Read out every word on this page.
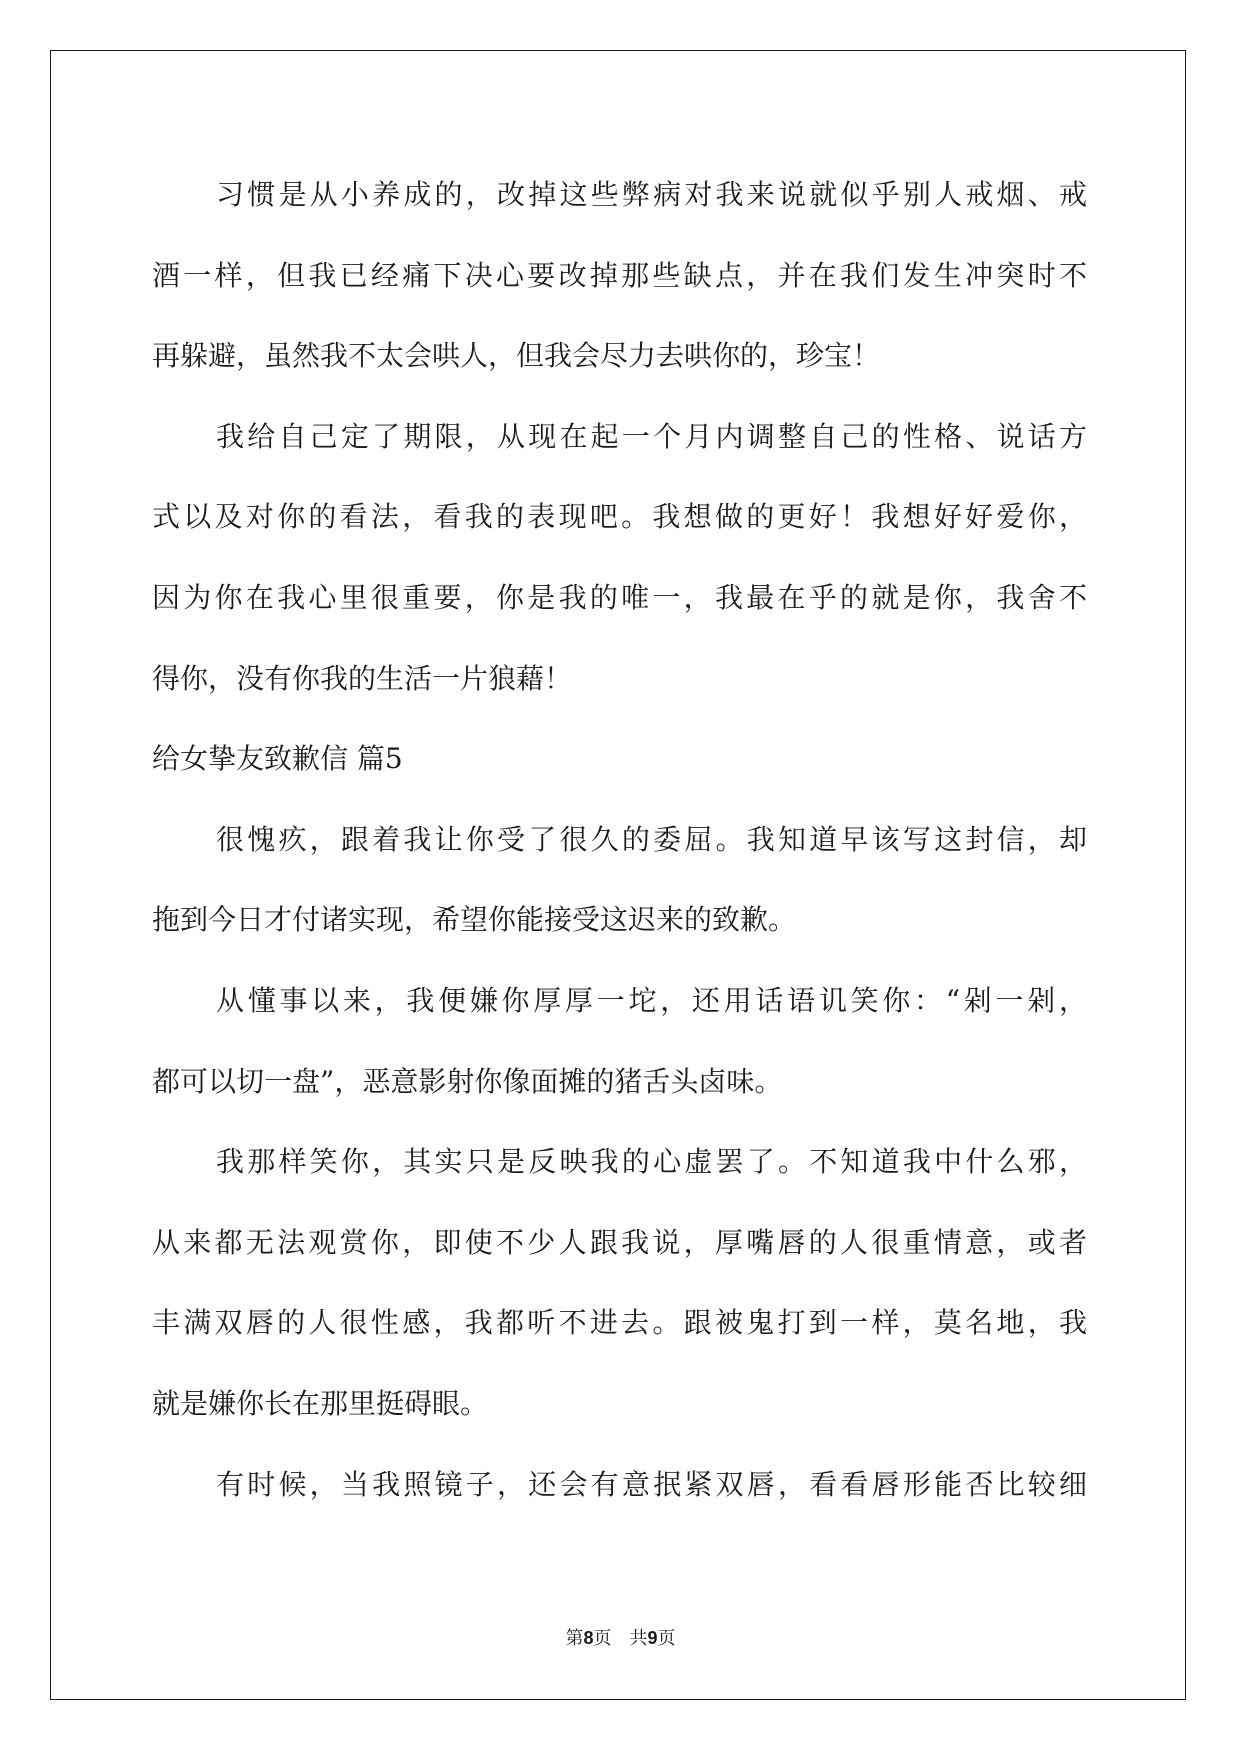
习惯是从小养成的，改掉这些弊病对我来说就似乎别人戒烟、戒
酒一样，但我已经痛下决心要改掉那些缺点，并在我们发生冲突时不
再躲避，虽然我不太会哄人，但我会尽力去哄你的，珍宝！
我给自己定了期限，从现在起一个月内调整自己的性格、说话方
式以及对你的看法，看我的表现吧。我想做的更好！我想好好爱你，
因为你在我心里很重要，你是我的唯一，我最在乎的就是你，我舍不
得你，没有你我的生活一片狼藉！
给女挚友致歉信 篇5
很愧疚，跟着我让你受了很久的委屈。我知道早该写这封信，却
拖到今日才付诸实现，希望你能接受这迟来的致歉。
从懂事以来，我便嫌你厚厚一坨，还用话语讥笑你：“剁一剁，
都可以切一盘”，恶意影射你像面摊的猪舌头卤味。
我那样笑你，其实只是反映我的心虚罢了。不知道我中什么邪，
从来都无法观赏你，即使不少人跟我说，厚嘴唇的人很重情意，或者
丰满双唇的人很性感，我都听不进去。跟被鬼打到一样，莫名地，我
就是嫌你长在那里挺碍眼。
有时候，当我照镜子，还会有意抿紧双唇，看看唇形能否比较细
第8页 共9页
